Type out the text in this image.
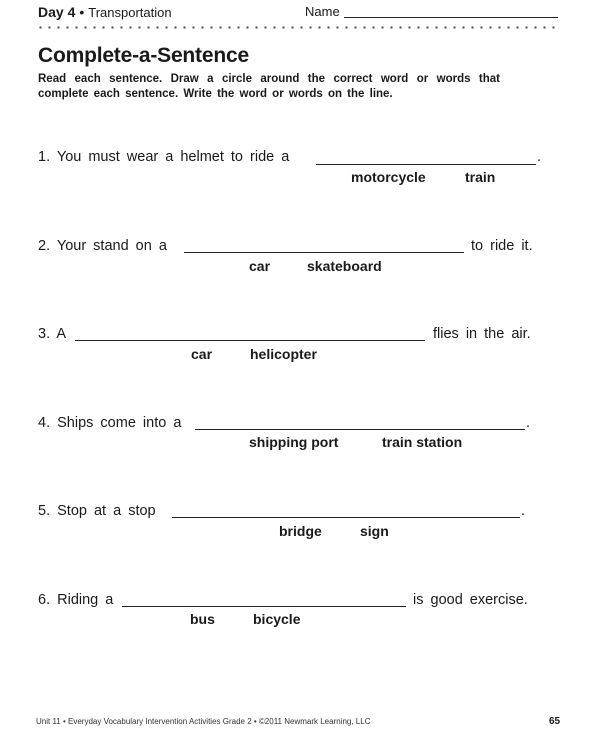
Day 4 • Transportation	Name
Complete-a-Sentence
Read each sentence. Draw a circle around the correct word or words that complete each sentence. Write the word or words on the line.
1. You must wear a helmet to ride a	.
motorcycle	train
2. Your stand on a	to ride it.
car	skateboard
3. A	flies in the air.
car	helicopter
4. Ships come into a	.
shipping port	train station
5. Stop at a stop	.
bridge	sign
6. Riding a	is good exercise.
bus	bicycle
Unit 11 • Everyday Vocabulary Intervention Activities Grade 2 • ©2011 Newmark Learning, LLC	65
